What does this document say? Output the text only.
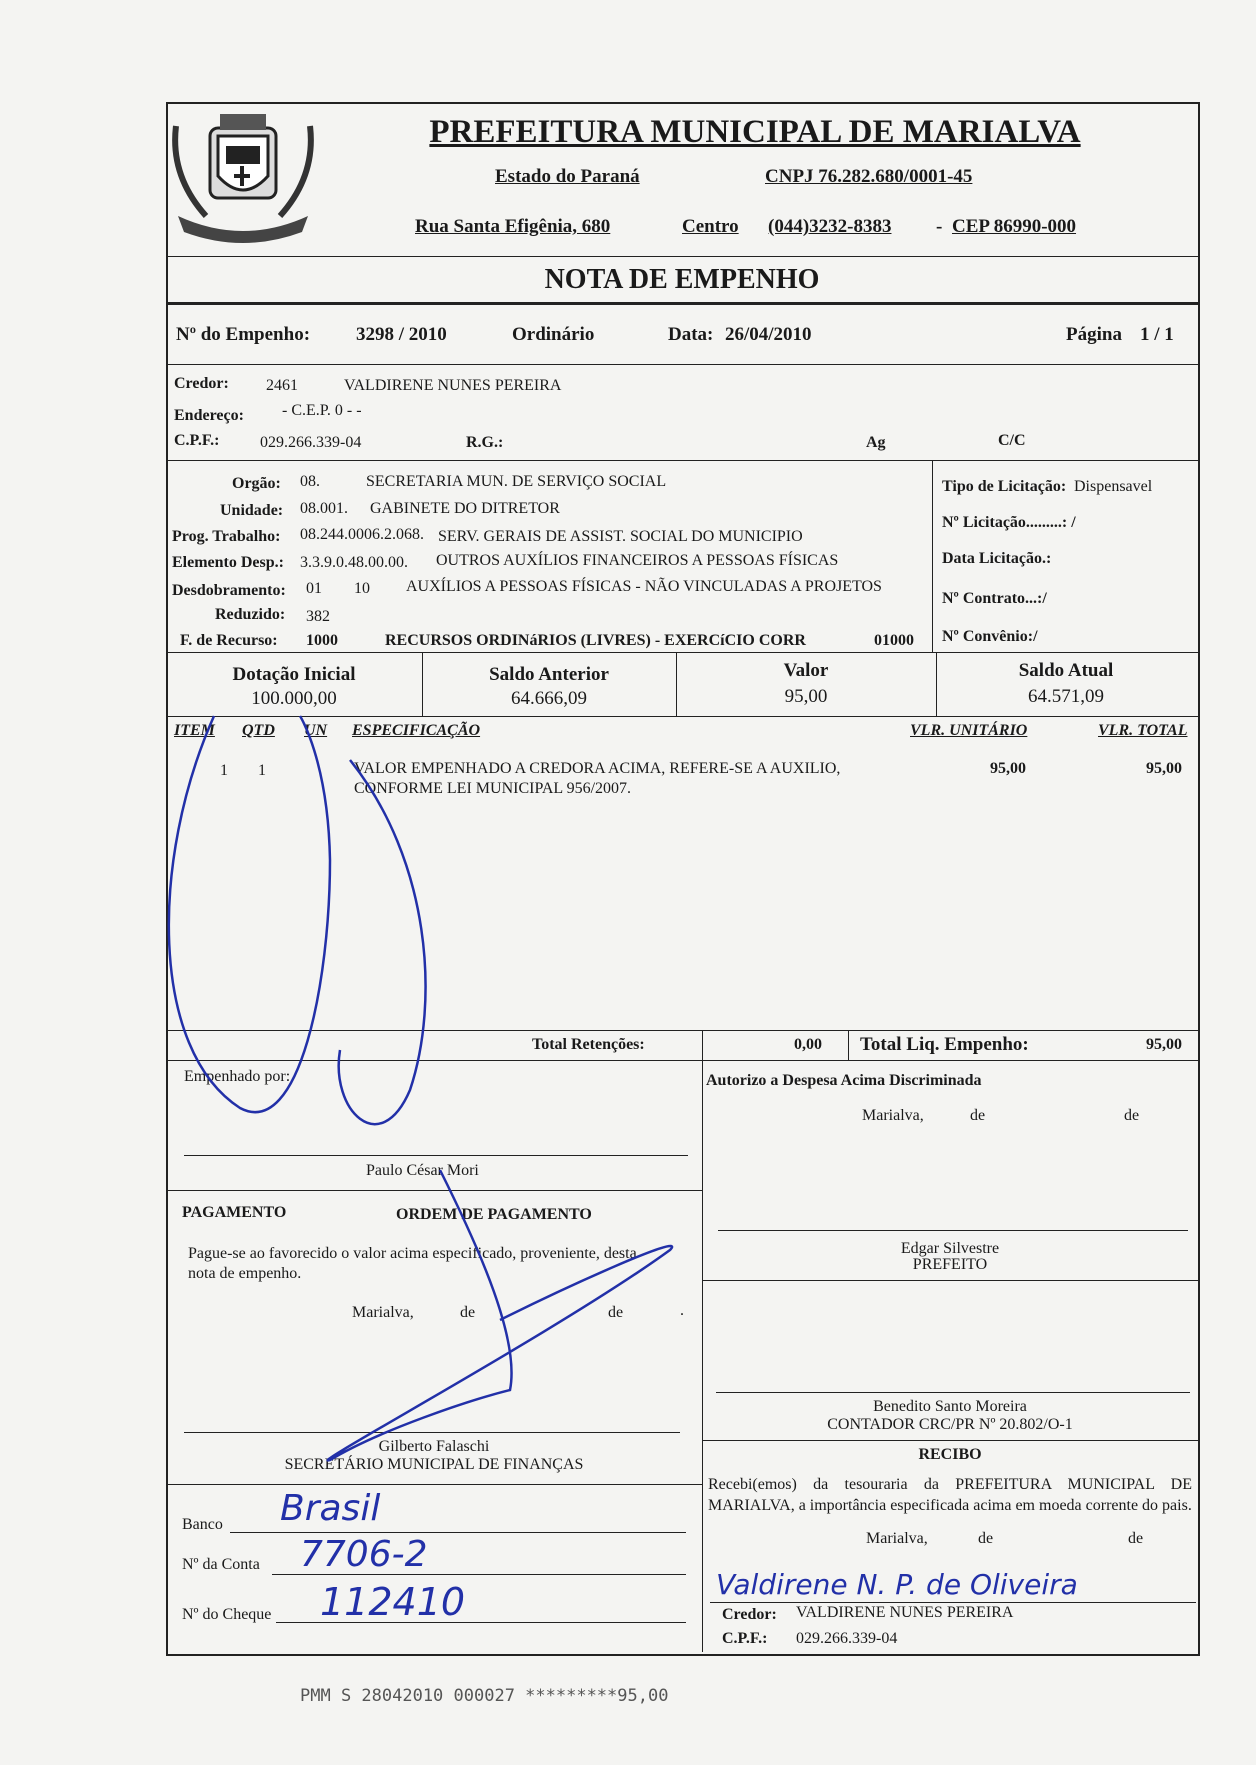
PREFEITURA MUNICIPAL DE MARIALVA
Estado do Paraná	CNPJ 76.282.680/0001-45
Rua Santa Efigênia, 680	Centro (044)3232-8383 - CEP 86990-000
NOTA DE EMPENHO
Nº do Empenho: 3298 / 2010	Ordinário	Data: 26/04/2010	Página 1 / 1
Credor: 2461	VALDIRENE NUNES PEREIRA
Endereço: - C.E.P. 0 - -
C.P.F.:	029.266.339-04	R.G.:	Ag	C/C
Orgão: 08.	SECRETARIA MUN. DE SERVIÇO SOCIAL
Unidade: 08.001. GABINETE DO DITRETOR
Prog. Trabalho: 08.244.0006.2.068. SERV. GERAIS DE ASSIST. SOCIAL DO MUNICIPIO
Elemento Desp.: 3.3.9.0.48.00.00. OUTROS AUXÍLIOS FINANCEIROS A PESSOAS FÍSICAS
Desdobramento: 01 10 AUXÍLIOS A PESSOAS FÍSICAS - NÃO VINCULADAS A PROJETOS
Reduzido: 382
F. de Recurso: 1000	RECURSOS ORDINáRIOS (LIVRES) - EXERCíCIO CORR	01000
Tipo de Licitação: Dispensavel
Nº Licitação.........: /
Data Licitação.:
Nº Contrato...:/
Nº Convênio:/
Dotação Inicial
100.000,00
Saldo Anterior
64.666,09
Valor
95,00
Saldo Atual
64.571,09
ITEM QTD UN ESPECIFICAÇÃO	VLR. UNITÁRIO	VLR. TOTAL
1 1	VALOR EMPENHADO A CREDORA ACIMA, REFERE-SE A AUXILIO,
CONFORME LEI MUNICIPAL 956/2007.
95,00	95,00
Total Retenções:	0,00 Total Liq. Empenho:	95,00
Empenhado por:
Paulo César Mori
Autorizo a Despesa Acima Discriminada
Marialva,	de	de
Edgar Silvestre
PREFEITO
Benedito Santo Moreira
CONTADOR CRC/PR Nº 20.802/O-1
PAGAMENTO	ORDEM DE PAGAMENTO
Pague-se ao favorecido o valor acima especificado, proveniente, desta nota de empenho.
Marialva,	de	de	.
Gilberto Falaschi
SECRETÁRIO MUNICIPAL DE FINANÇAS
Banco Brasil
Nº da Conta 7706-2
Nº do Cheque 112410
RECIBO
Recebi(emos) da tesouraria da PREFEITURA MUNICIPAL DE MARIALVA, a importância especificada acima em moeda corrente do pais.
Marialva,	de	de
Valdirene N. P. de Oliveira
Credor: VALDIRENE NUNES PEREIRA
C.P.F.: 029.266.339-04
PMM S 28042010 000027 *********95,00
